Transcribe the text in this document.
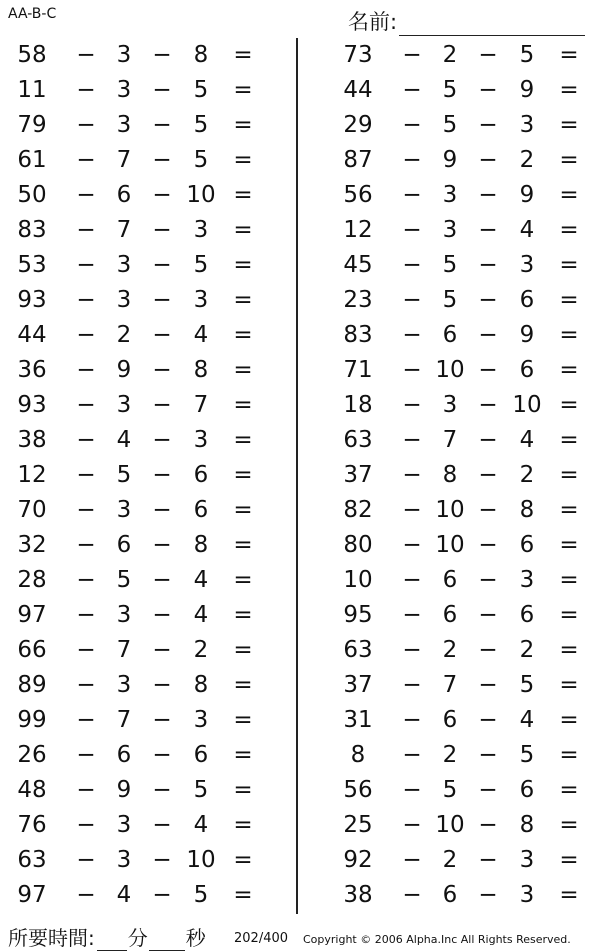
AA-B-C	名前:
58	− 3 − 8	=
11	− 3 − 5	=
79	− 3 − 5	=
61	− 7 − 5	=
50	− 6 − 10 =
83	− 7 − 3	=
53	− 3 − 5	=
93	− 3 − 3	=
44	− 2 − 4	=
36	− 9 − 8	=
93	− 3 − 7	=
38	− 4 − 3	=
12	− 5 − 6	=
70	− 3 − 6	=
32	− 6 − 8	=
28	− 5 − 4	=
97	− 3 − 4	=
66	− 7 − 2	=
89	− 3 − 8	=
99	− 7 − 3	=
26	− 6 − 6	=
48	− 9 − 5	=
76	− 3 − 4	=
63	− 3 − 10 =
97	− 4 − 5	=
73	− 2 − 5	=
44	− 5 − 9	=
29	− 5 − 3	=
87	− 9 − 2	=
56	− 3 − 9	=
12	− 3 − 4	=
45	− 5 − 3	=
23	− 5 − 6	=
83	− 6 − 9	=
71	− 10 − 6	=
18	− 3 − 10 =
63	− 7 − 4	=
37	− 8 − 2	=
82	− 10 − 8	=
80	− 10 − 6	=
10	− 6 − 3	=
95	− 6 − 6	=
63	− 2 − 2	=
37	− 7 − 5	=
31	− 6 − 4	=
8	− 2 − 5	=
56	− 5 − 6	=
25	− 10 − 8	=
92	− 2 − 3	=
38	− 6 − 3	=
所要時間: 分 秒 202/400 Copyright © 2006 Alpha.Inc All Rights Reserved.
